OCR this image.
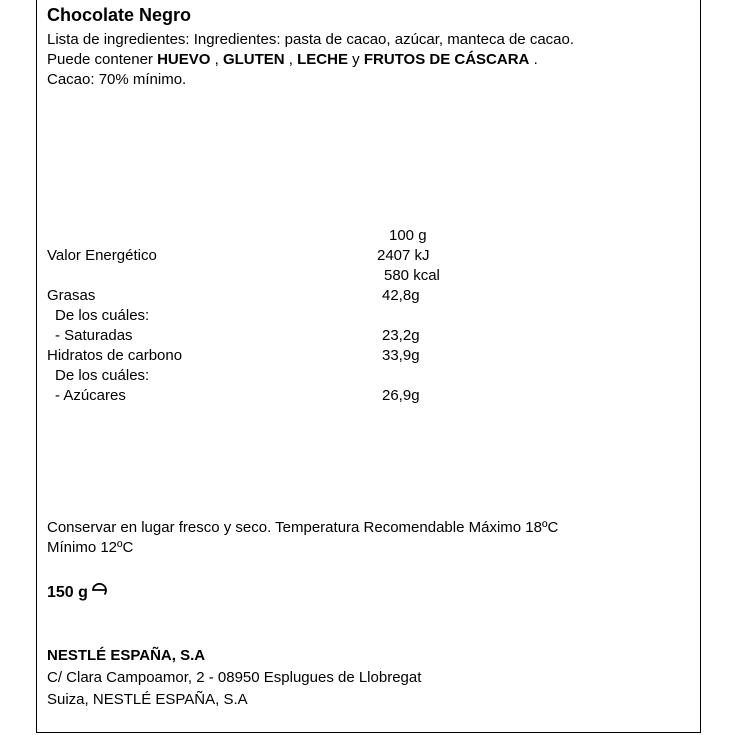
Chocolate Negro
Lista de ingredientes: Ingredientes: pasta de cacao, azúcar, manteca de cacao.
Puede contener HUEVO , GLUTEN , LECHE y FRUTOS DE CÁSCARA .
Cacao: 70% mínimo.
100 g
Valor Energético	2407 kJ
580 kcal
Grasas	42,8g
De los cuáles:
- Saturadas	23,2g
Hidratos de carbono	33,9g
De los cuáles:
- Azúcares	26,9g
Conservar en lugar fresco y seco. Temperatura Recomendable Máximo 18ºC
Mínimo 12ºC
150 g
NESTLÉ ESPAÑA, S.A
C/ Clara Campoamor, 2 - 08950 Esplugues de Llobregat
Suiza, NESTLÉ ESPAÑA, S.A
